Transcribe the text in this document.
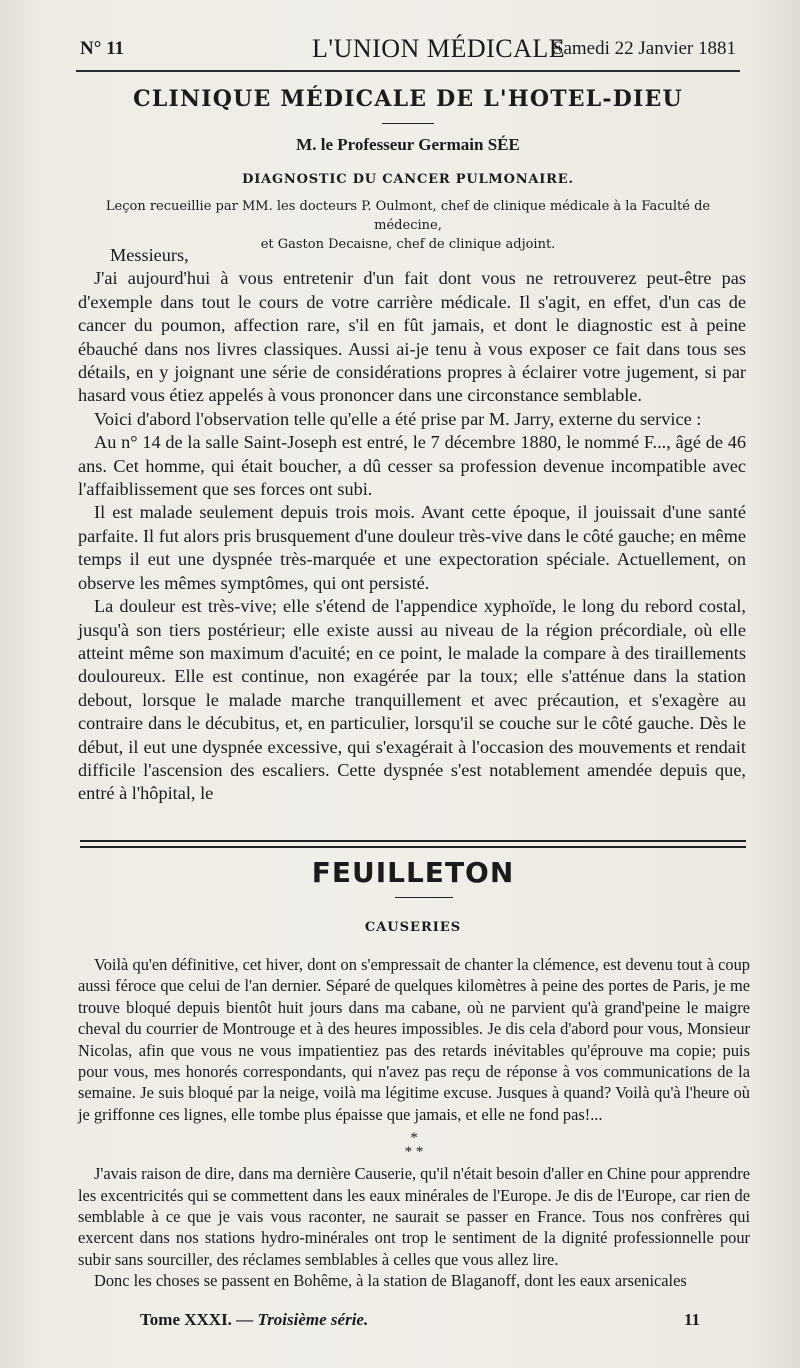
N° 11	L'UNION MÉDICALE
Samedi 22 Janvier 1881
CLINIQUE MÉDICALE DE L'HOTEL-DIEU
M. le Professeur Germain SÉE
DIAGNOSTIC DU CANCER PULMONAIRE.
Leçon recueillie par MM. les docteurs P. Oulmont, chef de clinique médicale à la Faculté de médecine,
et Gaston Decaisne, chef de clinique adjoint.

Messieurs,

J'ai aujourd'hui à vous entretenir d'un fait dont vous ne retrouverez peut-être pas d'exemple dans tout le cours de votre carrière médicale. Il s'agit, en effet, d'un cas de cancer du poumon, affection rare, s'il en fût jamais, et dont le diagnostic est à peine ébauché dans nos livres classiques. Aussi ai-je tenu à vous exposer ce fait dans tous ses détails, en y joignant une série de considérations propres à éclairer votre jugement, si par hasard vous étiez appelés à vous prononcer dans une circonstance semblable.

Voici d'abord l'observation telle qu'elle a été prise par M. Jarry, externe du service :

Au n° 14 de la salle Saint-Joseph est entré, le 7 décembre 1880, le nommé F..., âgé de 46 ans. Cet homme, qui était boucher, a dû cesser sa profession devenue incompatible avec l'affaiblissement que ses forces ont subi.

Il est malade seulement depuis trois mois. Avant cette époque, il jouissait d'une santé parfaite. Il fut alors pris brusquement d'une douleur très-vive dans le côté gauche; en même temps il eut une dyspnée très-marquée et une expectoration spéciale. Actuellement, on observe les mêmes symptômes, qui ont persisté.

La douleur est très-vive; elle s'étend de l'appendice xyphoïde, le long du rebord costal, jusqu'à son tiers postérieur; elle existe aussi au niveau de la région précordiale, où elle atteint même son maximum d'acuité; en ce point, le malade la compare à des tiraillements douloureux. Elle est continue, non exagérée par la toux; elle s'atténue dans la station debout, lorsque le malade marche tranquillement et avec précaution, et s'exagère au contraire dans le décubitus, et, en particulier, lorsqu'il se couche sur le côté gauche. Dès le début, il eut une dyspnée excessive, qui s'exagérait à l'occasion des mouvements et rendait difficile l'ascension des escaliers. Cette dyspnée s'est notablement amendée depuis que, entré à l'hôpital, le

FEUILLETON
CAUSERIES

Voilà qu'en définitive, cet hiver, dont on s'empressait de chanter la clémence, est devenu tout à coup aussi féroce que celui de l'an dernier. Séparé de quelques kilomètres à peine des portes de Paris, je me trouve bloqué depuis bientôt huit jours dans ma cabane, où ne parvient qu'à grand'peine le maigre cheval du courrier de Montrouge et à des heures impossibles. Je dis cela d'abord pour vous, Monsieur Nicolas, afin que vous ne vous impatientiez pas des retards inévitables qu'éprouve ma copie; puis pour vous, mes honorés correspondants, qui n'avez pas reçu de réponse à vos communications de la semaine. Je suis bloqué par la neige, voilà ma légitime excuse. Jusques à quand? Voilà qu'à l'heure où je griffonne ces lignes, elle tombe plus épaisse que jamais, et elle ne fond pas!...

*
* *

J'avais raison de dire, dans ma dernière Causerie, qu'il n'était besoin d'aller en Chine pour apprendre les excentricités qui se commettent dans les eaux minérales de l'Europe. Je dis de l'Europe, car rien de semblable à ce que je vais vous raconter, ne saurait se passer en France. Tous nos confrères qui exercent dans nos stations hydro-minérales ont trop le sentiment de la dignité professionnelle pour subir sans sourciller, des réclames semblables à celles que vous allez lire.

Donc les choses se passent en Bohême, à la station de Blaganoff, dont les eaux arsenicales

Tome XXXI. — Troisième série.	11
